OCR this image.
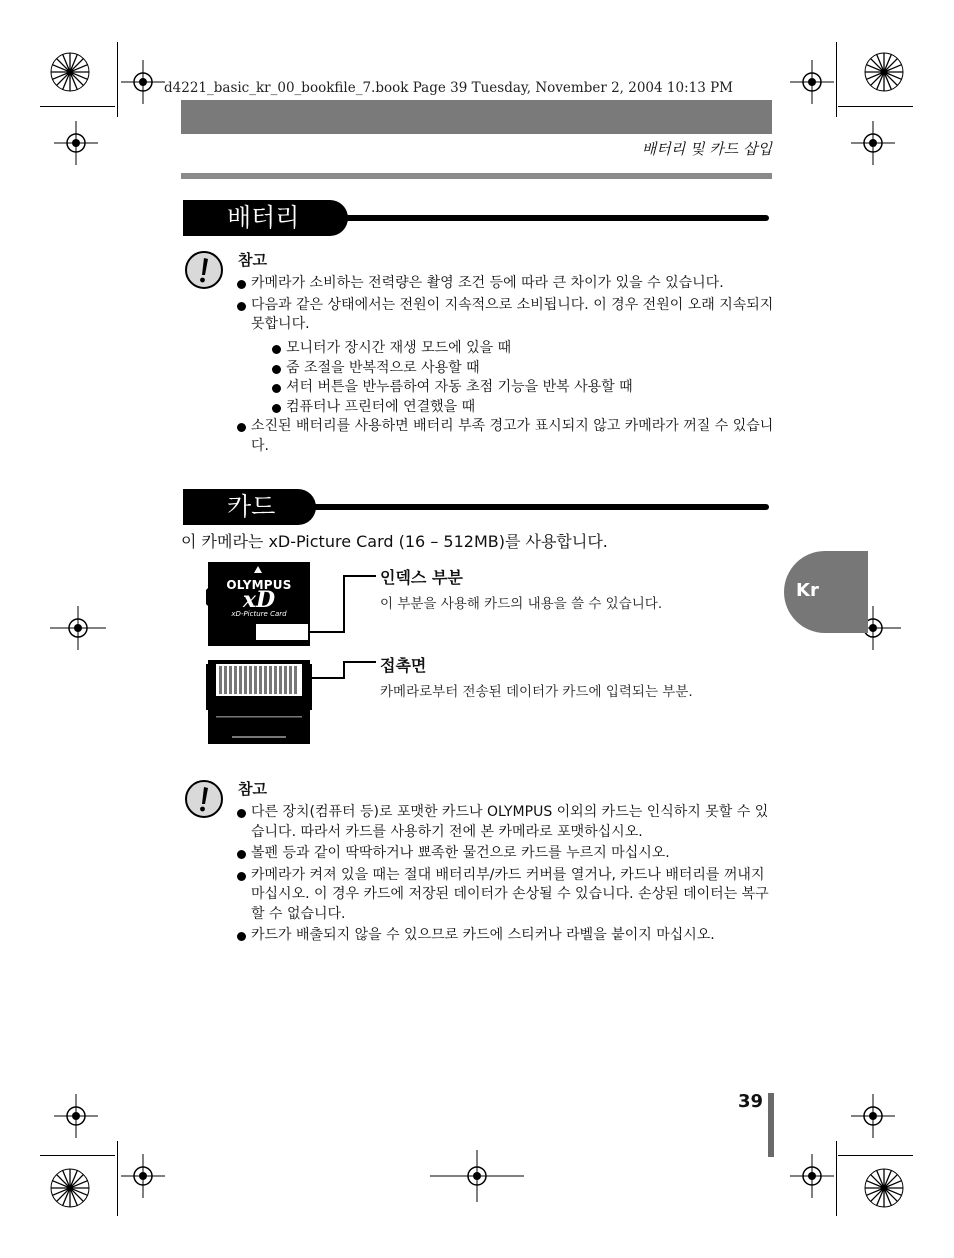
d4221_basic_kr_00_bookfile_7.book Page 39 Tuesday, November 2, 2004 10:13 PM
배터리 및 카드 삽입
배터리
참고
카메라가 소비하는 전력량은 촬영 조건 등에 따라 큰 차이가 있을 수 있습니다.
다음과 같은 상태에서는 전원이 지속적으로 소비됩니다. 이 경우 전원이 오래 지속되지 못합니다.
모니터가 장시간 재생 모드에 있을 때
줌 조절을 반복적으로 사용할 때
셔터 버튼을 반누름하여 자동 초점 기능을 반복 사용할 때
컴퓨터나 프린터에 연결했을 때
소진된 배터리를 사용하면 배터리 부족 경고가 표시되지 않고 카메라가 꺼질 수 있습니다.
카드
이 카메라는 xD-Picture Card (16 – 512MB)를 사용합니다.
OLYMPUS
xD
xD-Picture Card
인덱스 부분
이 부분을 사용해 카드의 내용을 쓸 수 있습니다.
접촉면
카메라로부터 전송된 데이터가 카드에 입력되는 부분.
Kr
참고
다른 장치(컴퓨터 등)로 포맷한 카드나 OLYMPUS 이외의 카드는 인식하지 못할 수 있습니다. 따라서 카드를 사용하기 전에 본 카메라로 포맷하십시오.
볼펜 등과 같이 딱딱하거나 뾰족한 물건으로 카드를 누르지 마십시오.
카메라가 켜져 있을 때는 절대 배터리부/카드 커버를 열거나, 카드나 배터리를 꺼내지 마십시오. 이 경우 카드에 저장된 데이터가 손상될 수 있습니다. 손상된 데이터는 복구할 수 없습니다.
카드가 배출되지 않을 수 있으므로 카드에 스티커나 라벨을 붙이지 마십시오.
39
